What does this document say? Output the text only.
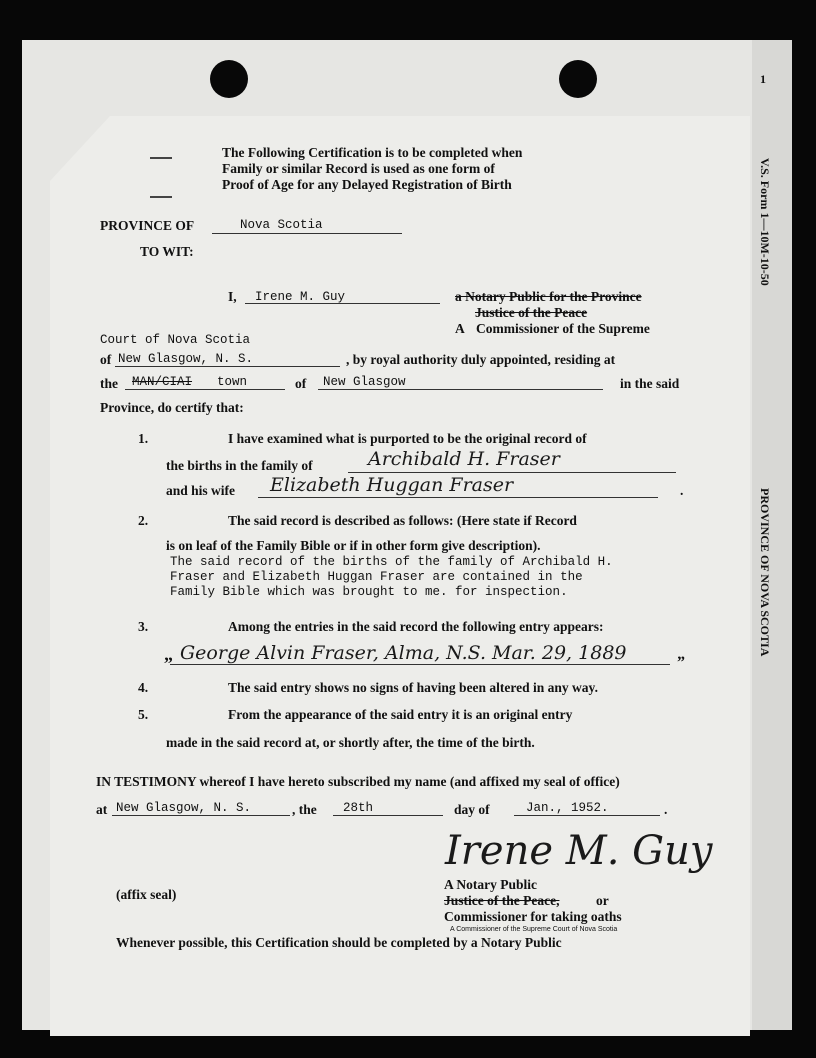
1
V.S. Form 1—10M-10-50
PROVINCE OF NOVA SCOTIA
The Following Certification is to be completed when
Family or similar Record is used as one form of
Proof of Age for any Delayed Registration of Birth
PROVINCE OF	Nova Scotia
TO WIT:
I, Irene M. Guy	a Notary Public for the Province
Justice of the Peace
A Commissioner of the Supreme
Court of Nova Scotia
of New Glasgow, N. S.	, by royal authority duly appointed, residing at
the MAN/CIAI town	of New Glasgow	in the said
Province, do certify that:
1.	I have examined what is purported to be the original record of
the births in the family of	Archibald H. Fraser
and his wife Elizabeth Huggan Fraser	.
2.	The said record is described as follows: (Here state if Record
is on leaf of the Family Bible or if in other form give description).
The said record of the births of the family of Archibald H.
Fraser and Elizabeth Huggan Fraser are contained in the
Family Bible which was brought to me. for inspection.
3.	Among the entries in the said record the following entry appears:
„ George Alvin Fraser, Alma, N.S. Mar. 29, 1889	”
4.	The said entry shows no signs of having been altered in any way.
5.	From the appearance of the said entry it is an original entry
made in the said record at, or shortly after, the time of the birth.
IN TESTIMONY whereof I have hereto subscribed my name (and affixed my seal of office)
at New Glasgow, N. S.	, the 28th	day of	Jan., 1952.	.
Irene M. Guy
(affix seal)
A Notary Public
Justice of the Peace,	or
Commissioner for taking oaths
A Commissioner of the Supreme Court of Nova Scotia
Whenever possible, this Certification should be completed by a Notary Public
